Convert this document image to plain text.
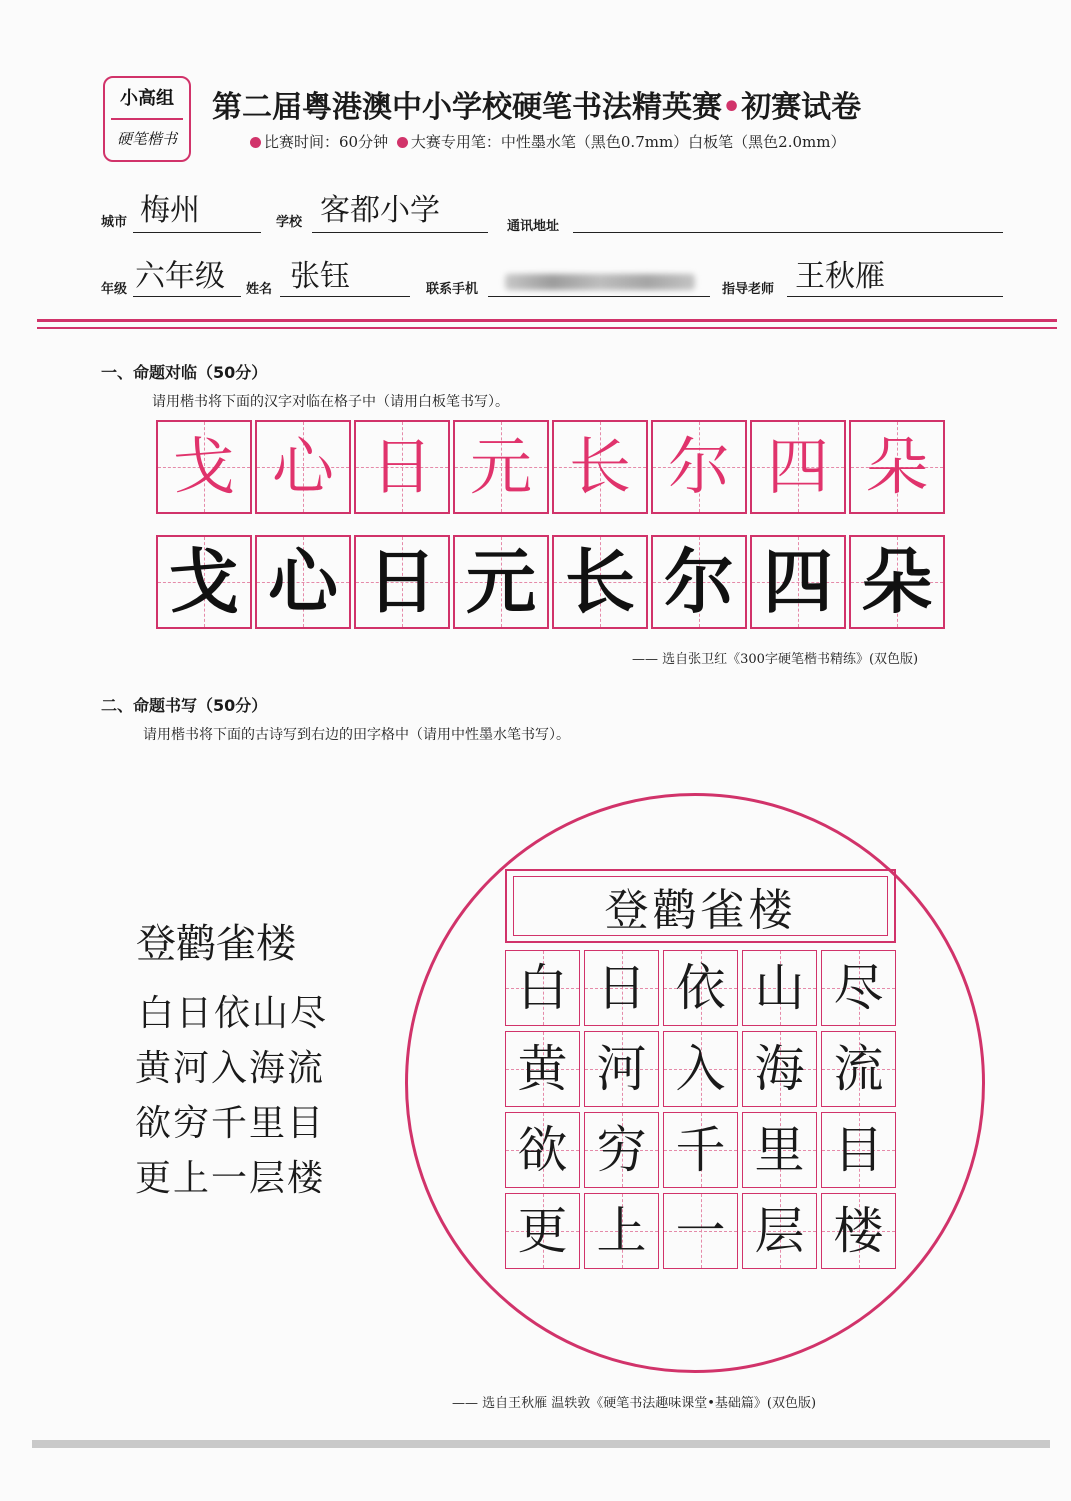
小高组
硬笔楷书
第二届粤港澳中小学校硬笔书法精英赛•初赛试卷
比赛时间：60分钟 大赛专用笔：中性墨水笔（黑色0.7mm）白板笔（黑色2.0mm）
城市 梅州	学校 客都小学	通讯地址
年级 六年级 姓名 张钰	联系手机	指导老师 王秋雁
一、命题对临（50分）
请用楷书将下面的汉字对临在格子中（请用白板笔书写）。
戈 心 日 元 长 尔 四 朵
戈 心 日 元 长 尔 四 朵
—— 选自张卫红《300字硬笔楷书精练》(双色版)
二、命题书写（50分）
请用楷书将下面的古诗写到右边的田字格中（请用中性墨水笔书写）。
登鹳雀楼
白日依山尽
黄河入海流
欲穷千里目
更上一层楼
登鹳雀楼
白 日 依 山 尽
黄 河 入 海 流
欲 穷 千 里 目
更 上 一 层 楼
—— 选自王秋雁 温轶敦《硬笔书法趣味课堂•基础篇》(双色版)
